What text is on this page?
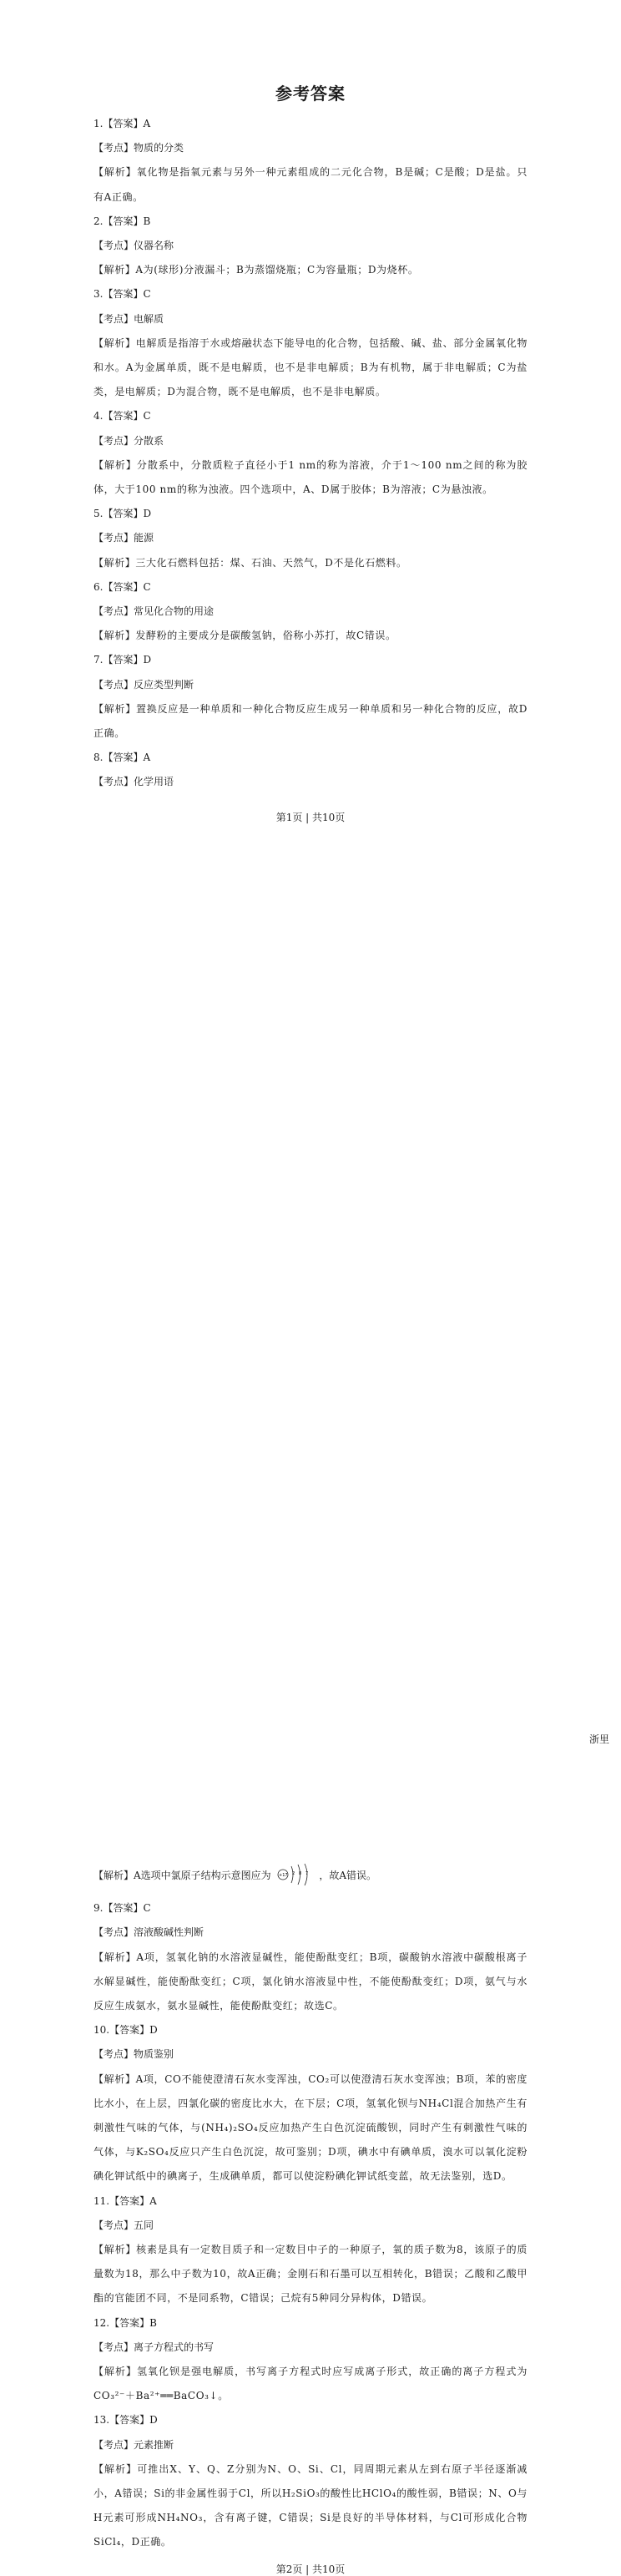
参考答案
1.【答案】A
【考点】物质的分类
【解析】氧化物是指氧元素与另外一种元素组成的二元化合物，B是碱；C是酸；D是盐。只有A正确。
2.【答案】B
【考点】仪器名称
【解析】A为(球形)分液漏斗；B为蒸馏烧瓶；C为容量瓶；D为烧杯。
3.【答案】C
【考点】电解质
【解析】电解质是指溶于水或熔融状态下能导电的化合物，包括酸、碱、盐、部分金属氧化物和水。A为金属单质，既不是电解质，也不是非电解质；B为有机物，属于非电解质；C为盐类，是电解质；D为混合物，既不是电解质，也不是非电解质。
4.【答案】C
【考点】分散系
【解析】分散系中，分散质粒子直径小于1 nm的称为溶液，介于1～100 nm之间的称为胶体，大于100 nm的称为浊液。四个选项中，A、D属于胶体；B为溶液；C为悬浊液。
5.【答案】D
【考点】能源
【解析】三大化石燃料包括：煤、石油、天然气，D不是化石燃料。
6.【答案】C
【考点】常见化合物的用途
【解析】发酵粉的主要成分是碳酸氢钠，俗称小苏打，故C错误。
7.【答案】D
【考点】反应类型判断
【解析】置换反应是一种单质和一种化合物反应生成另一种单质和另一种化合物的反应，故D正确。
8.【答案】A
【考点】化学用语
第1页 | 共10页
【解析】A选项中氯原子结构示意图应为 +17 2 8 7 ，故A错误。
9.【答案】C
【考点】溶液酸碱性判断
【解析】A项，氢氧化钠的水溶液显碱性，能使酚酞变红；B项，碳酸钠水溶液中碳酸根离子水解显碱性，能使酚酞变红；C项，氯化钠水溶液显中性，不能使酚酞变红；D项，氨气与水反应生成氨水，氨水显碱性，能使酚酞变红；故选C。
10.【答案】D
【考点】物质鉴别
【解析】A项，CO不能使澄清石灰水变浑浊，CO₂可以使澄清石灰水变浑浊；B项，苯的密度比水小，在上层，四氯化碳的密度比水大，在下层；C项，氢氧化钡与NH₄Cl混合加热产生有刺激性气味的气体，与(NH₄)₂SO₄反应加热产生白色沉淀硫酸钡，同时产生有刺激性气味的气体，与K₂SO₄反应只产生白色沉淀，故可鉴别；D项，碘水中有碘单质，溴水可以氧化淀粉碘化钾试纸中的碘离子，生成碘单质，都可以使淀粉碘化钾试纸变蓝，故无法鉴别，选D。
11.【答案】A
【考点】五同
【解析】核素是具有一定数目质子和一定数目中子的一种原子，氧的质子数为8，该原子的质量数为18，那么中子数为10，故A正确；金刚石和石墨可以互相转化，B错误；乙酸和乙酸甲酯的官能团不同，不是同系物，C错误；己烷有5种同分异构体，D错误。
12.【答案】B
【考点】离子方程式的书写
【解析】氢氧化钡是强电解质，书写离子方程式时应写成离子形式，故正确的离子方程式为CO₃²⁻＋Ba²⁺══BaCO₃↓。
13.【答案】D
【考点】元素推断
【解析】可推出X、Y、Q、Z分别为N、O、Si、Cl，同周期元素从左到右原子半径逐渐减小，A错误；Si的非金属性弱于Cl，所以H₂SiO₃的酸性比HClO₄的酸性弱，B错误；N、O与H元素可形成NH₄NO₃，含有离子键，C错误；Si是良好的半导体材料，与Cl可形成化合物SiCl₄，D正确。
第2页 | 共10页
浙里
